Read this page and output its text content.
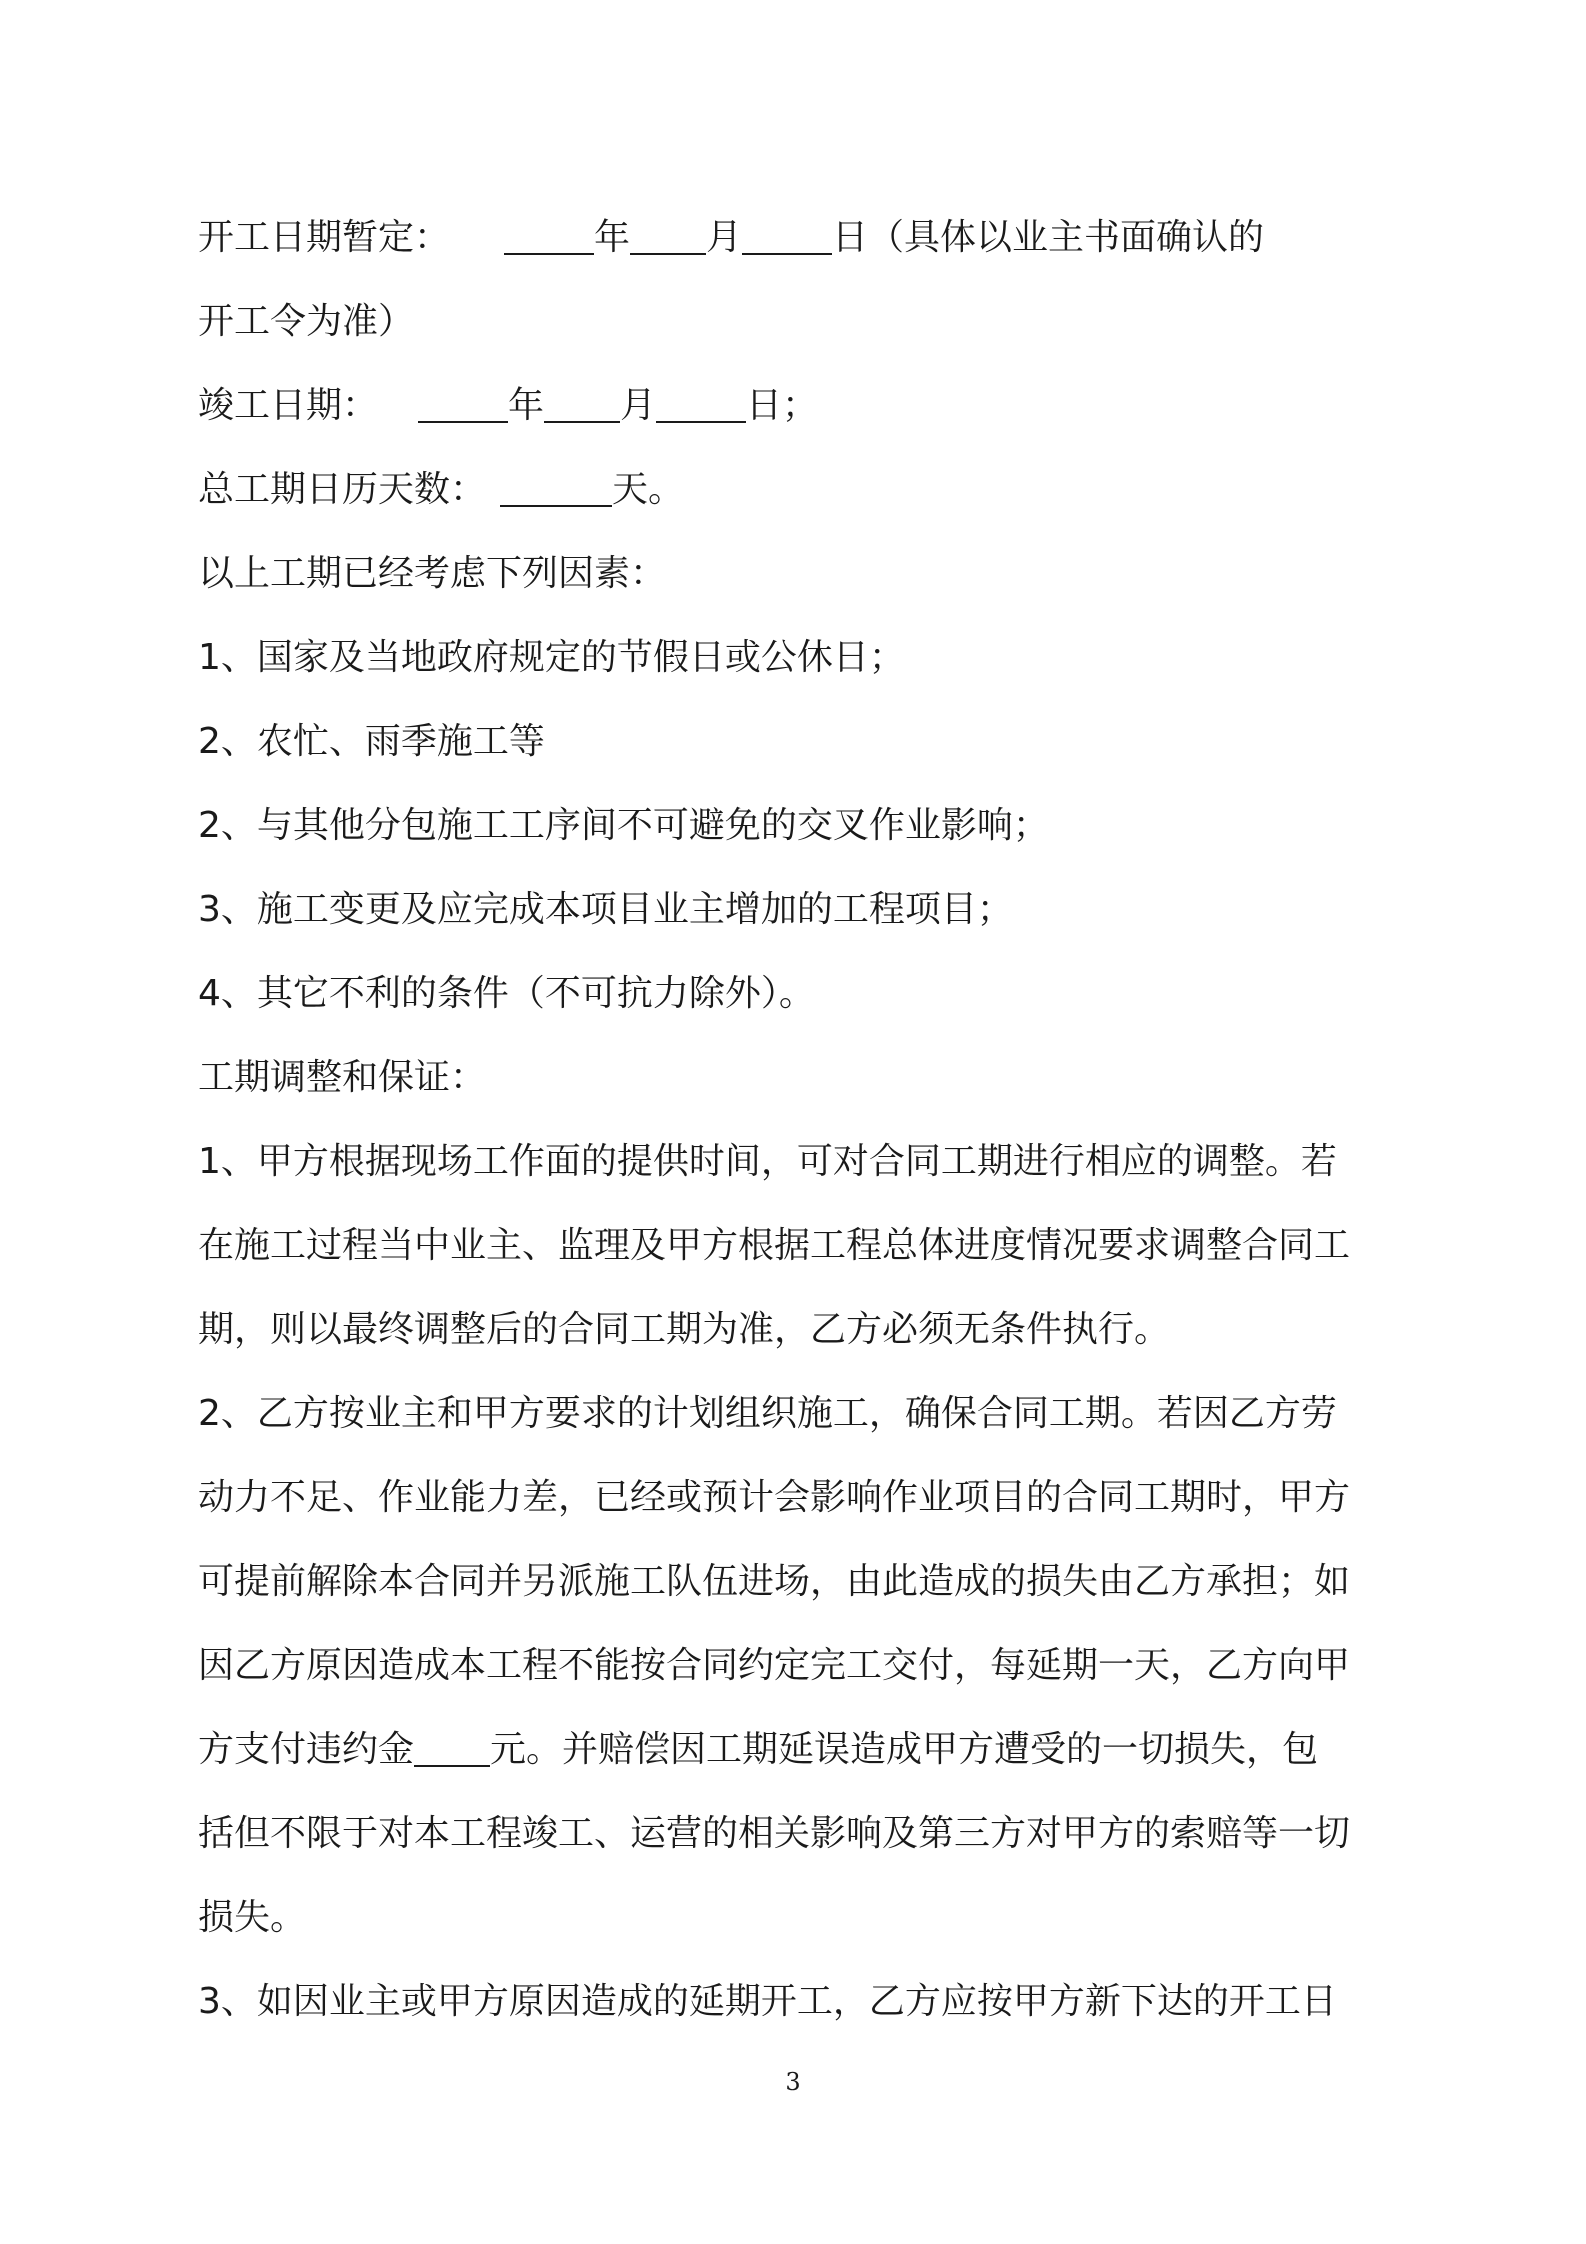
开工日期暂定：	年 月	日（具体以业主书面确认的
开工令为准）
竣工日期：	年 月	日；
总工期日历天数：	天。
以上工期已经考虑下列因素：
1、国家及当地政府规定的节假日或公休日；
2、农忙、雨季施工等
2、与其他分包施工工序间不可避免的交叉作业影响；
3、施工变更及应完成本项目业主增加的工程项目；
4、其它不利的条件（不可抗力除外）。
工期调整和保证：
1、甲方根据现场工作面的提供时间，可对合同工期进行相应的调整。若
在施工过程当中业主、监理及甲方根据工程总体进度情况要求调整合同工
期，则以最终调整后的合同工期为准，乙方必须无条件执行。
2、乙方按业主和甲方要求的计划组织施工，确保合同工期。若因乙方劳
动力不足、作业能力差，已经或预计会影响作业项目的合同工期时，甲方
可提前解除本合同并另派施工队伍进场，由此造成的损失由乙方承担；如
因乙方原因造成本工程不能按合同约定完工交付，每延期一天，乙方向甲
方支付违约金 元。并赔偿因工期延误造成甲方遭受的一切损失，包
括但不限于对本工程竣工、运营的相关影响及第三方对甲方的索赔等一切
损失。
3、如因业主或甲方原因造成的延期开工，乙方应按甲方新下达的开工日
3
